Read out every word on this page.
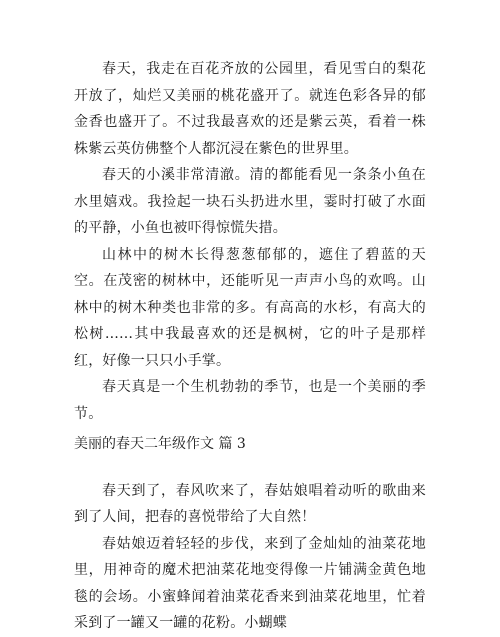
春天，我走在百花齐放的公园里，看见雪白的梨花开放了，灿烂又美丽的桃花盛开了。就连色彩各异的郁金香也盛开了。不过我最喜欢的还是紫云英，看着一株株紫云英仿佛整个人都沉浸在紫色的世界里。

春天的小溪非常清澈。清的都能看见一条条小鱼在水里嬉戏。我捡起一块石头扔进水里，霎时打破了水面的平静，小鱼也被吓得惊慌失措。

山林中的树木长得葱葱郁郁的，遮住了碧蓝的天空。在茂密的树林中，还能听见一声声小鸟的欢鸣。山林中的树木种类也非常的多。有高高的水杉，有高大的松树……其中我最喜欢的还是枫树，它的叶子是那样红，好像一只只小手掌。

春天真是一个生机勃勃的季节，也是一个美丽的季节。

美丽的春天二年级作文 篇 3

春天到了，春风吹来了，春姑娘唱着动听的歌曲来到了人间，把春的喜悦带给了大自然！

春姑娘迈着轻轻的步伐，来到了金灿灿的油菜花地里，用神奇的魔术把油菜花地变得像一片铺满金黄色地毯的会场。小蜜蜂闻着油菜花香来到油菜花地里，忙着采到了一罐又一罐的花粉。小蝴蝶
